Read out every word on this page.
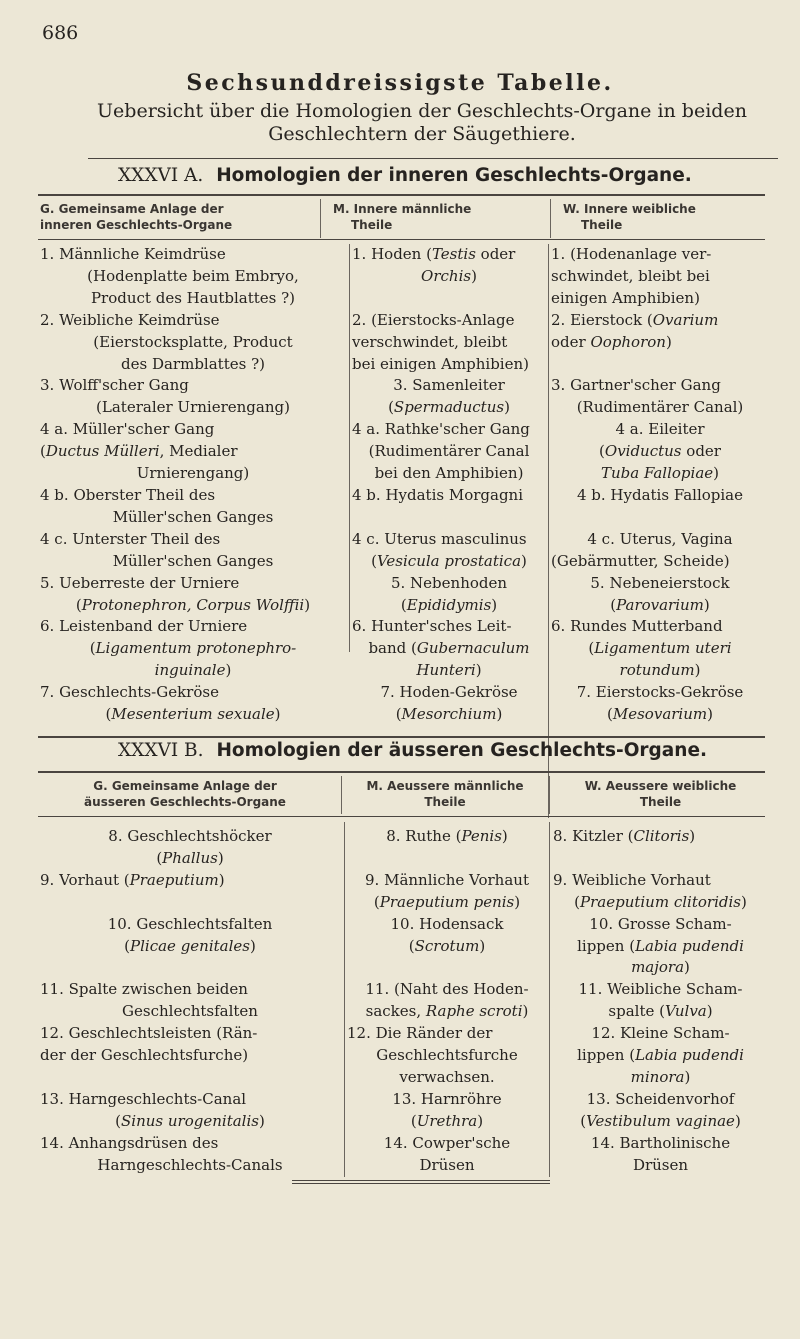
686
Sechsunddreissigste Tabelle.
Uebersicht über die Homologien der Geschlechts-Organe in beiden
Geschlechtern der Säugethiere.
XXXVI A. Homologien der inneren Geschlechts-Organe.
G. Gemeinsame Anlage der
inneren Geschlechts-Organe
M. Innere männliche
Theile
W. Innere weibliche
Theile
1. Männliche Keimdrüse
(Hodenplatte beim Embryo,
Product des Hautblattes ?)
2. Weibliche Keimdrüse
(Eierstocksplatte, Product
des Darmblattes ?)
3. Wolff'scher Gang
(Lateraler Urnierengang)
4 a. Müller'scher Gang
(Ductus Mülleri, Medialer
Urnierengang)
4 b. Oberster Theil des
Müller'schen Ganges
4 c. Unterster Theil des
Müller'schen Ganges
5. Ueberreste der Urniere
(Protonephron, Corpus Wolffii)
6. Leistenband der Urniere
(Ligamentum protonephro-
inguinale)
7. Geschlechts-Gekröse
(Mesenterium sexuale)
1. Hoden (Testis oder
Orchis)

2. (Eierstocks-Anlage
verschwindet, bleibt
bei einigen Amphibien)
3. Samenleiter
(Spermaductus)
4 a. Rathke'scher Gang
(Rudimentärer Canal
bei den Amphibien)
4 b. Hydatis Morgagni

4 c. Uterus masculinus
(Vesicula prostatica)
5. Nebenhoden
(Epididymis)
6. Hunter'sches Leit-
band (Gubernaculum
Hunteri)
7. Hoden-Gekröse
(Mesorchium)
1. (Hodenanlage ver-
schwindet, bleibt bei
einigen Amphibien)
2. Eierstock (Ovarium
oder Oophoron)

3. Gartner'scher Gang
(Rudimentärer Canal)
4 a. Eileiter
(Oviductus oder
Tuba Fallopiae)
4 b. Hydatis Fallopiae

4 c. Uterus, Vagina
(Gebärmutter, Scheide)
5. Nebeneierstock
(Parovarium)
6. Rundes Mutterband
(Ligamentum uteri
rotundum)
7. Eierstocks-Gekröse
(Mesovarium)
XXXVI B. Homologien der äusseren Geschlechts-Organe.
G. Gemeinsame Anlage der
äusseren Geschlechts-Organe
M. Aeussere männliche
Theile
W. Aeussere weibliche
Theile
8. Geschlechtshöcker
(Phallus)
9. Vorhaut (Praeputium)

10. Geschlechtsfalten
(Plicae genitales)

11. Spalte zwischen beiden
Geschlechtsfalten
12. Geschlechtsleisten (Rän-
der der Geschlechtsfurche)

13. Harngeschlechts-Canal
(Sinus urogenitalis)
14. Anhangsdrüsen des
Harngeschlechts-Canals
8. Ruthe (Penis)

9. Männliche Vorhaut
(Praeputium penis)
10. Hodensack
(Scrotum)

11. (Naht des Hoden-
sackes, Raphe scroti)
12. Die Ränder der
Geschlechtsfurche
verwachsen.
13. Harnröhre
(Urethra)
14. Cowper'sche
Drüsen
8. Kitzler (Clitoris)

9. Weibliche Vorhaut
(Praeputium clitoridis)
10. Grosse Scham-
lippen (Labia pudendi
majora)
11. Weibliche Scham-
spalte (Vulva)
12. Kleine Scham-
lippen (Labia pudendi
minora)
13. Scheidenvorhof
(Vestibulum vaginae)
14. Bartholinische
Drüsen
